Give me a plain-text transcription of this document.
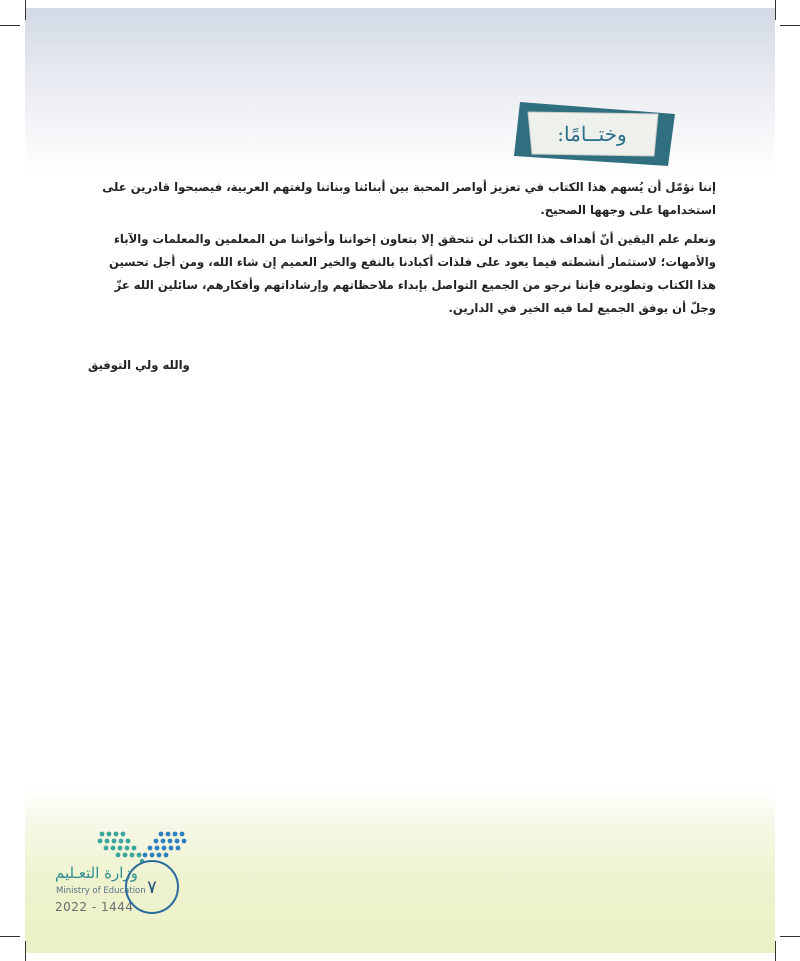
وختــامًا:

إننا نؤمّل أن يُسهم هذا الكتاب في تعزيز أواصر المحبة بين أبنائنا وبناتنا ولغتهم العربية، فيصبحوا قادرين على استخدامها على وجهها الصحيح.

ونعلم علم اليقين أنّ أهداف هذا الكتاب لن تتحقق إلا بتعاون إخواننا وأخواتنا من المعلمين والمعلمات والآباء والأمهات؛ لاستثمار أنشطته فيما يعود على فلذات أكبادنا بالنفع والخير العميم إن شاء الله، ومن أجل تحسين هذا الكتاب وتطويره فإننا نرجو من الجميع التواصل بإبداء ملاحظاتهم وإرشاداتهم وأفكارهم، سائلين الله عزّ وجلّ أن يوفق الجميع لما فيه الخير في الدارين.

والله ولي التوفيق
وزارة التعـليم
Ministry of Education
2022 - 1444
٧
